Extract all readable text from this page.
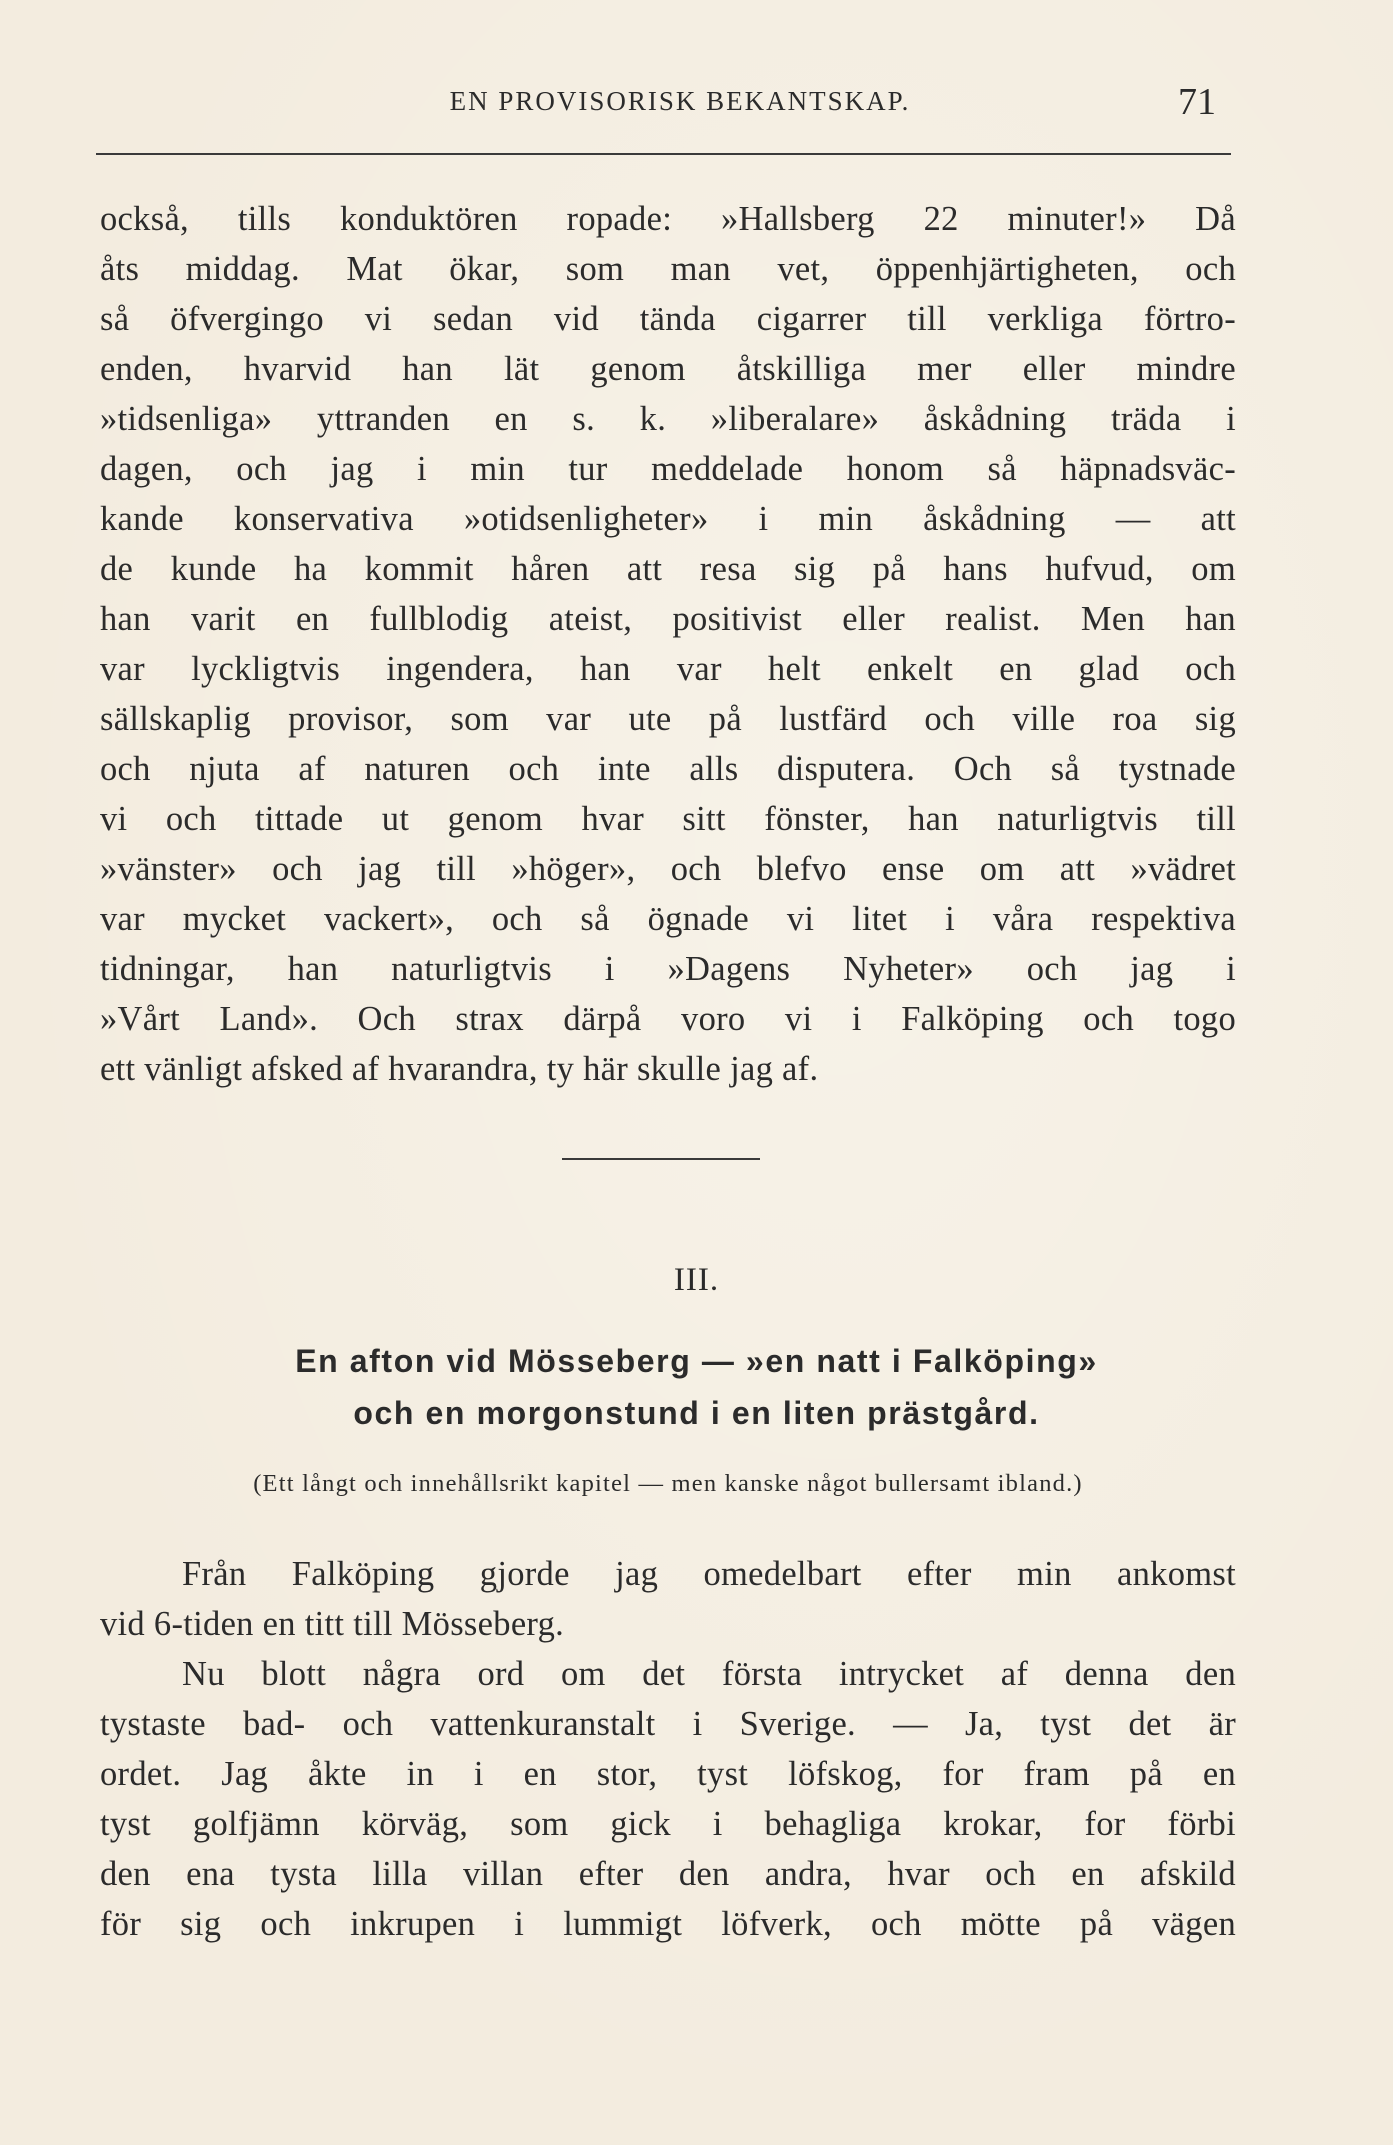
EN PROVISORISK BEKANTSKAP.	71
också, tills konduktören ropade: »Hallsberg 22 minuter!» Då
åts middag. Mat ökar, som man vet, öppenhjärtigheten, och
så öfvergingo vi sedan vid tända cigarrer till verkliga förtro-
enden, hvarvid han lät genom åtskilliga mer eller mindre
»tidsenliga» yttranden en s. k. »liberalare» åskådning träda i
dagen, och jag i min tur meddelade honom så häpnadsväc-
kande konservativa »otidsenligheter» i min åskådning — att
de kunde ha kommit håren att resa sig på hans hufvud, om
han varit en fullblodig ateist, positivist eller realist. Men han
var lyckligtvis ingendera, han var helt enkelt en glad och
sällskaplig provisor, som var ute på lustfärd och ville roa sig
och njuta af naturen och inte alls disputera. Och så tystnade
vi och tittade ut genom hvar sitt fönster, han naturligtvis till
»vänster» och jag till »höger», och blefvo ense om att »vädret
var mycket vackert», och så ögnade vi litet i våra respektiva
tidningar, han naturligtvis i »Dagens Nyheter» och jag i
»Vårt Land». Och strax därpå voro vi i Falköping och togo
ett vänligt afsked af hvarandra, ty här skulle jag af.
III.
En afton vid Mösseberg — »en natt i Falköping»
och en morgonstund i en liten prästgård.
(Ett långt och innehållsrikt kapitel — men kanske något bullersamt ibland.)
Från Falköping gjorde jag omedelbart efter min ankomst
vid 6-tiden en titt till Mösseberg.
Nu blott några ord om det första intrycket af denna den
tystaste bad- och vattenkuranstalt i Sverige. — Ja, tyst det är
ordet. Jag åkte in i en stor, tyst löfskog, for fram på en
tyst golfjämn körväg, som gick i behagliga krokar, for förbi
den ena tysta lilla villan efter den andra, hvar och en afskild
för sig och inkrupen i lummigt löfverk, och mötte på vägen
